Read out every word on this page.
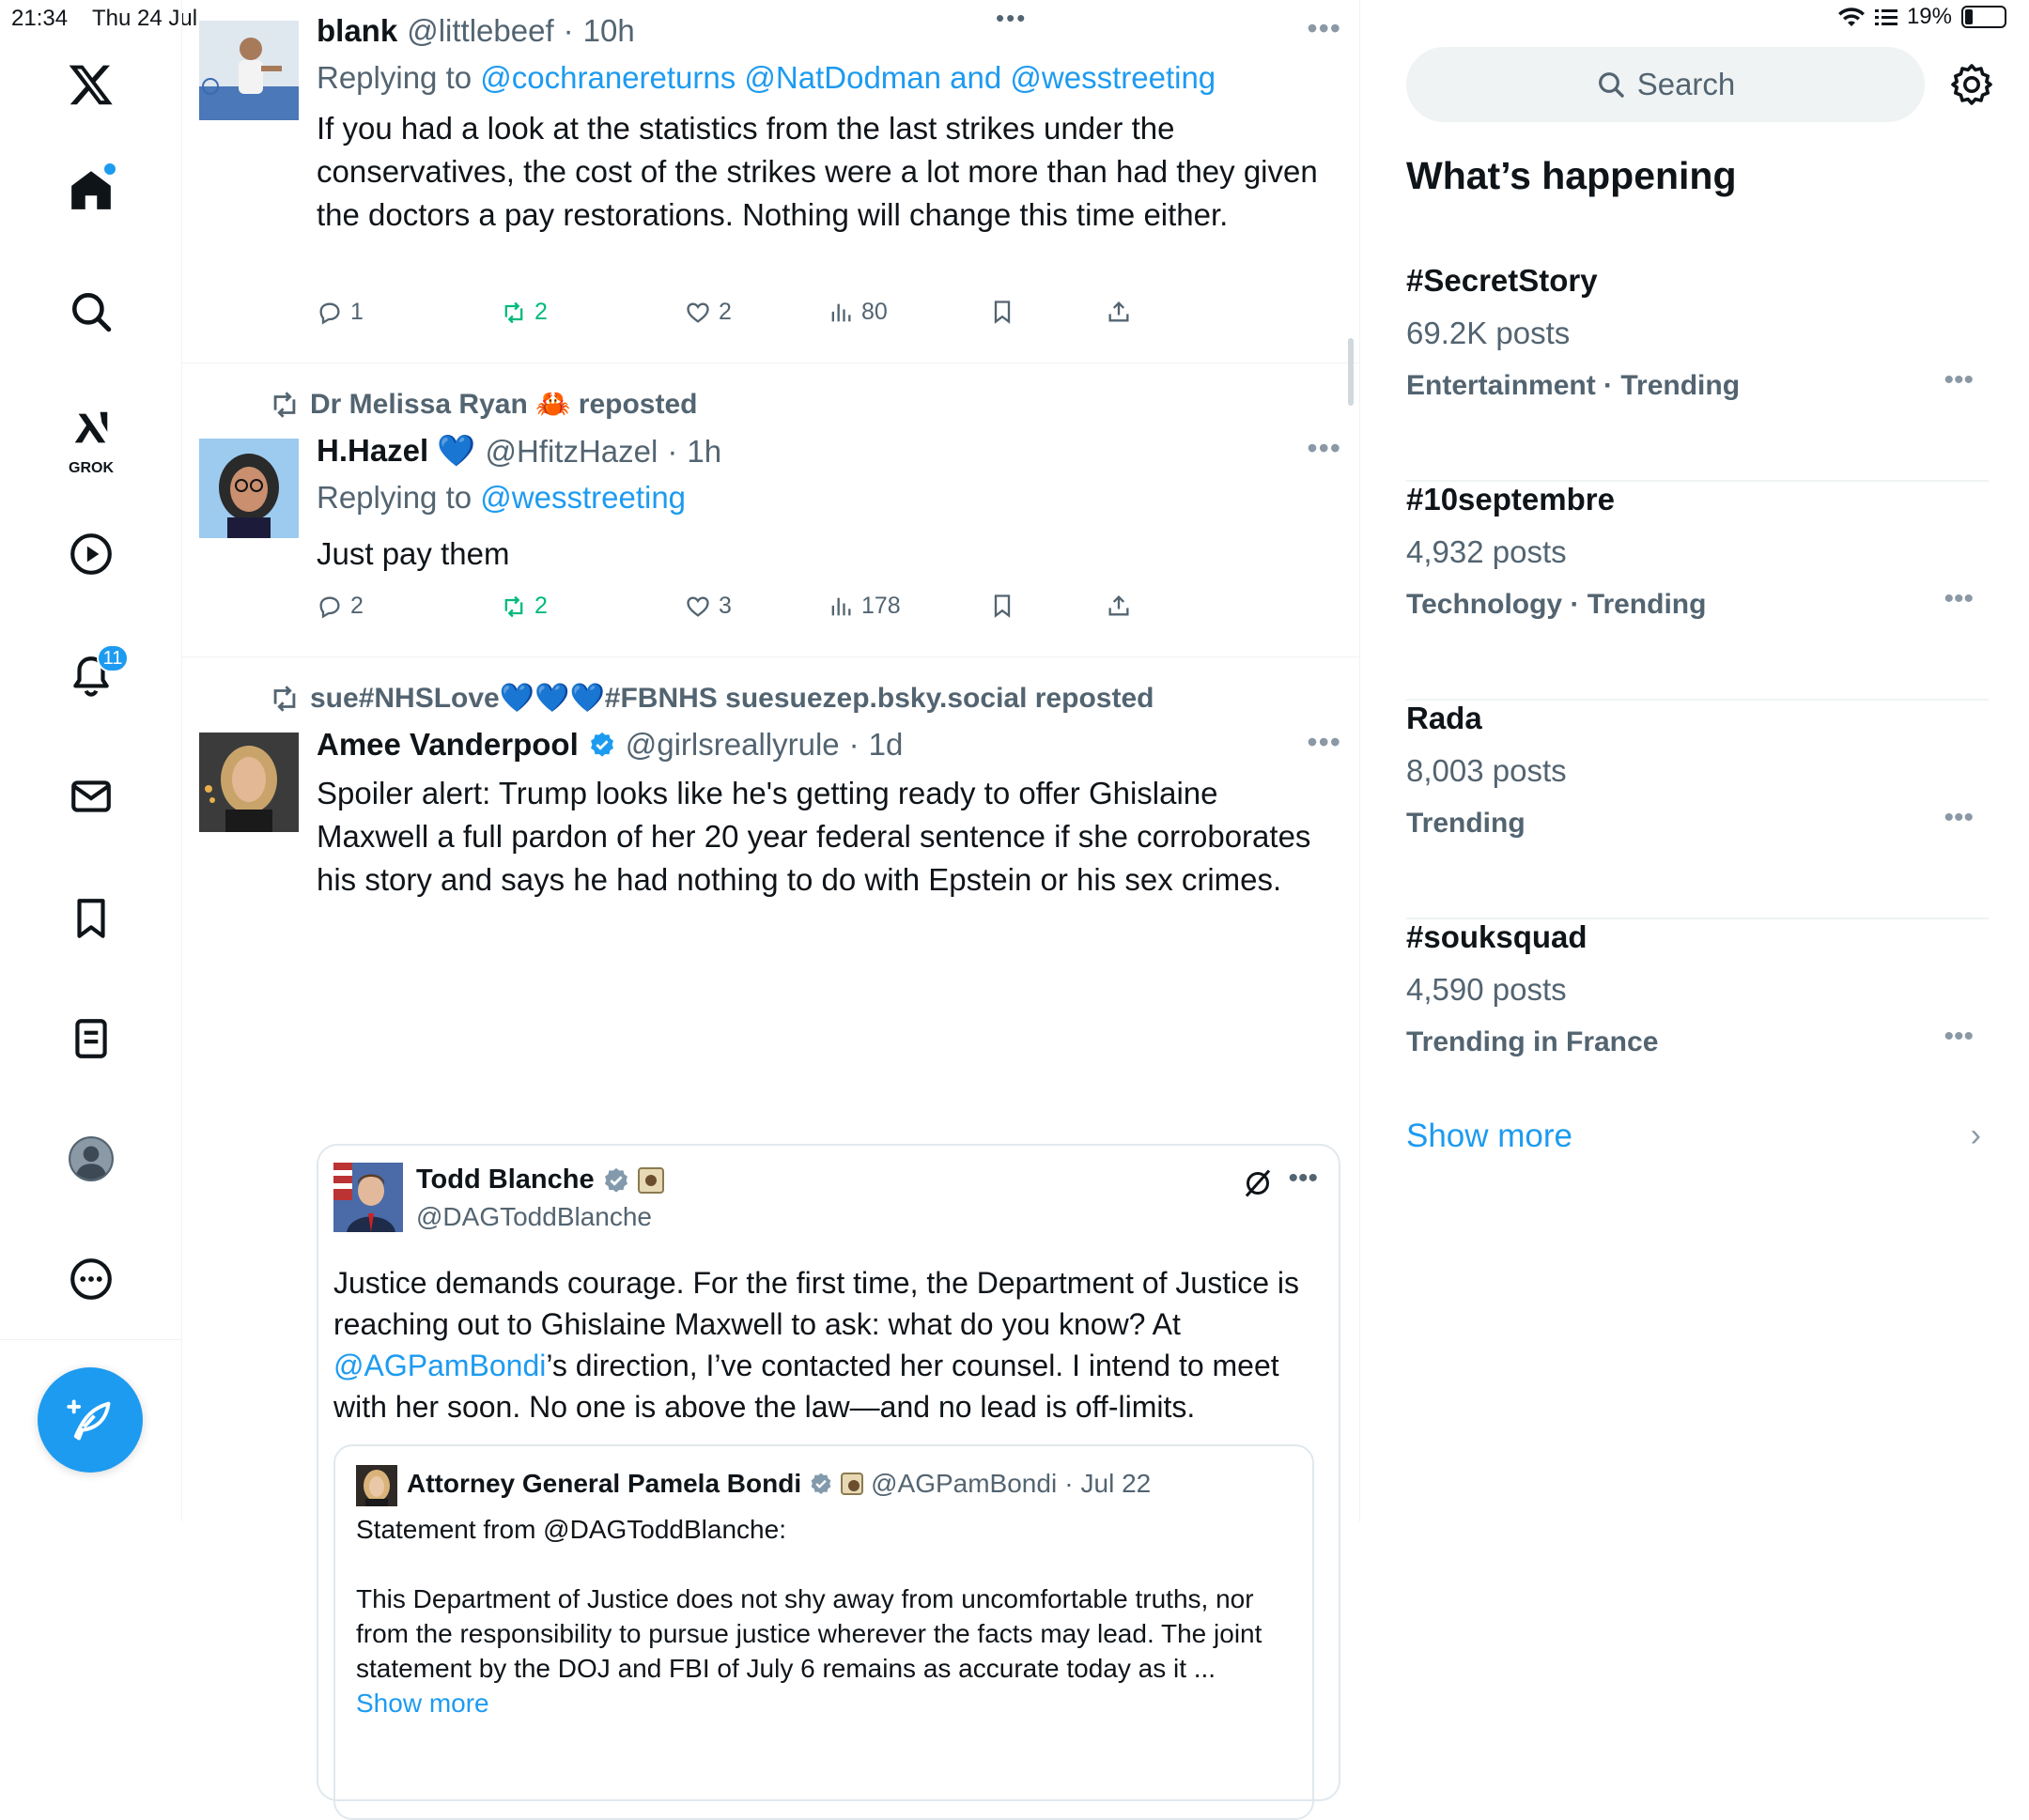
21:34 Thu 24 Jul	•••	19%
GROK
11
blank @littlebeef · 10h	•••
Replying to @cochranereturns @NatDodman and @wesstreeting
If you had a look at the statistics from the last strikes under the conservatives, the cost of the strikes were a lot more than had they given the doctors a pay restorations. Nothing will change this time either.
1	2	2	80
Dr Melissa Ryan 🦀 reposted
H.Hazel 💙 @HfitzHazel · 1h	•••
Replying to @wesstreeting
Just pay them
2	2	3	178
sue#NHSLove💙💙💙#FBNHS suesuezep.bsky.social reposted
Amee Vanderpool @girlsreallyrule · 1d	•••
Spoiler alert: Trump looks like he's getting ready to offer Ghislaine Maxwell a full pardon of her 20 year federal sentence if she corroborates his story and says he had nothing to do with Epstein or his sex crimes.
Todd Blanche
@DAGToddBlanche
•••
Justice demands courage. For the first time, the Department of Justice is reaching out to Ghislaine Maxwell to ask: what do you know? At @AGPamBondi’s direction, I’ve contacted her counsel. I intend to meet with her soon. No one is above the law—and no lead is off-limits.
Attorney General Pamela Bondi	@AGPamBondi · Jul 22
Statement from @DAGToddBlanche:
This Department of Justice does not shy away from uncomfortable truths, nor from the responsibility to pursue justice wherever the facts may lead. The joint statement by the DOJ and FBI of July 6 remains as accurate today as it ...
Show more
Search
What’s happening
#SecretStory
69.2K posts
Entertainment · Trending	•••
#10septembre
4,932 posts
Technology · Trending	•••
Rada
8,003 posts
Trending	•••
#souksquad
4,590 posts
Trending in France	•••
Show more	›
